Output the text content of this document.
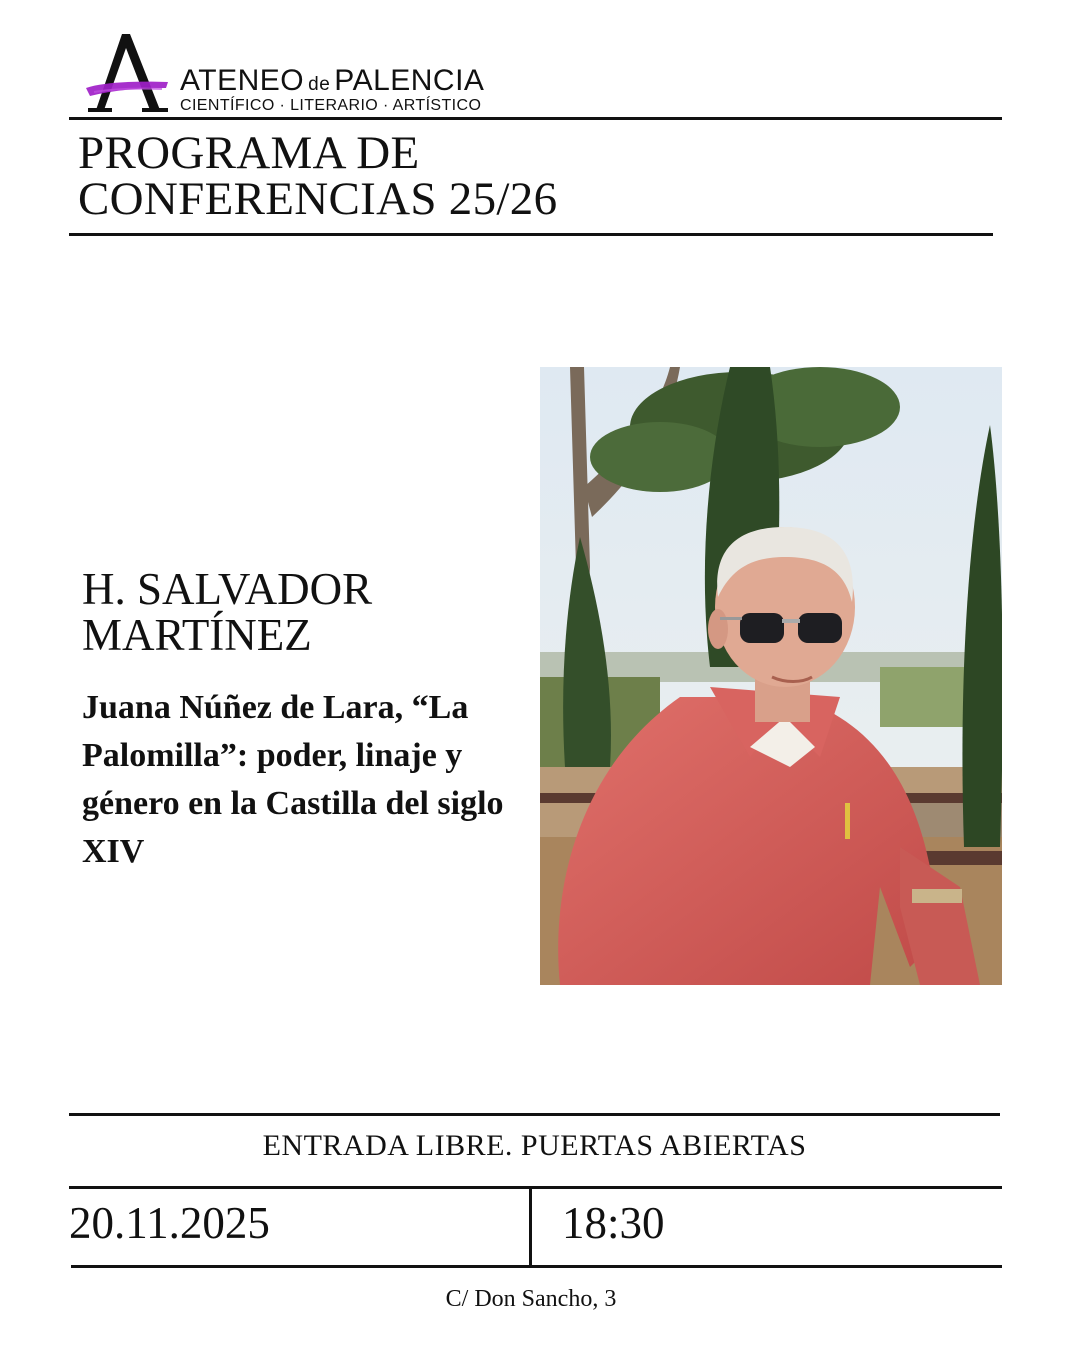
ATENEO de PALENCIA
CIENTÍFICO · LITERARIO · ARTÍSTICO
PROGRAMA DE
CONFERENCIAS 25/26
H. SALVADOR
MARTÍNEZ

Juana Núñez de Lara, “La Palomilla”: poder, linaje y género en la Castilla del siglo XIV

ENTRADA LIBRE. PUERTAS ABIERTAS
20.11.2025	18:30
C/ Don Sancho, 3
